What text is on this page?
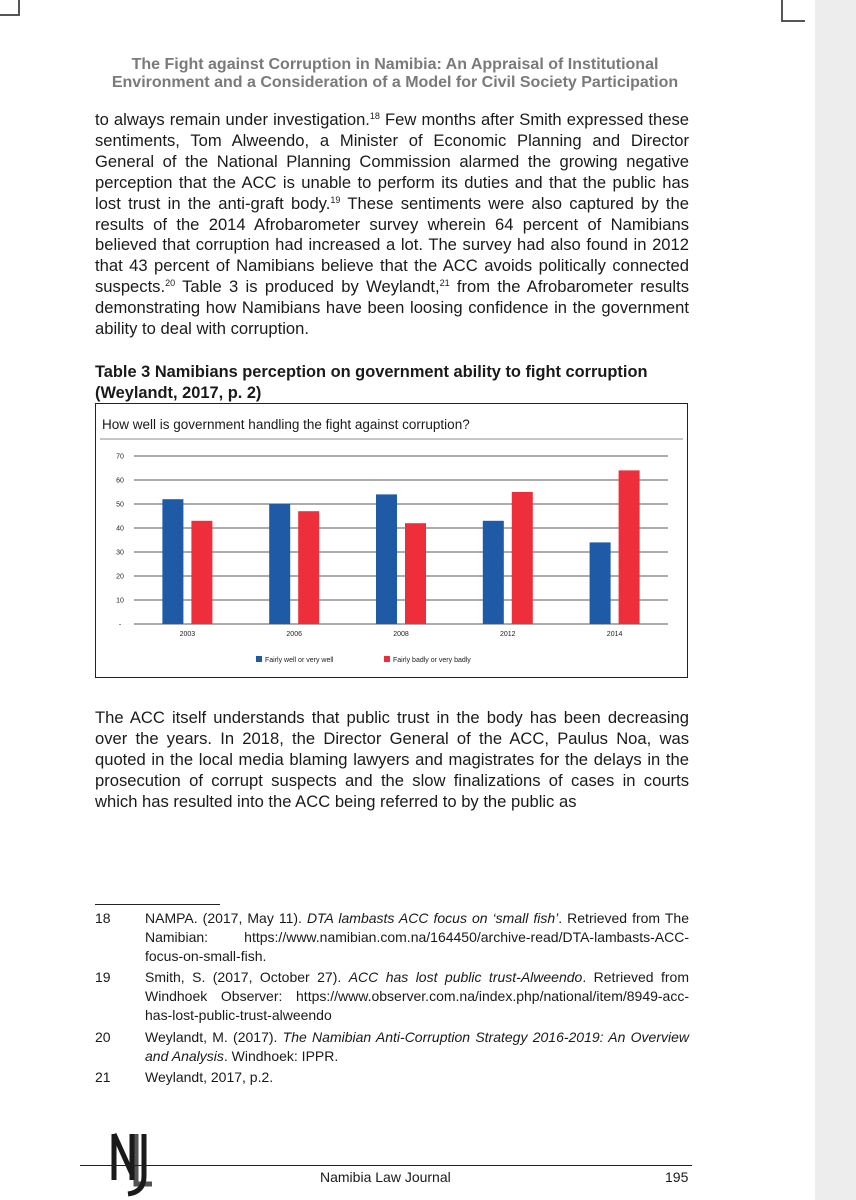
The Fight against Corruption in Namibia: An Appraisal of Institutional Environment and a Consideration of a Model for Civil Society Participation

to always remain under investigation.$^{18}$ Few months after Smith expressed these sentiments, Tom Alweendo, a Minister of Economic Planning and Director General of the National Planning Commission alarmed the growing negative perception that the ACC is unable to perform its duties and that the public has lost trust in the anti-graft body.$^{19}$ These sentiments were also captured by the results of the 2014 Afrobarometer survey wherein 64 percent of Namibians believed that corruption had increased a lot. The survey had also found in 2012 that 43 percent of Namibians believe that the ACC avoids politically connected suspects.$^{20}$ Table 3 is produced by Weylandt,$^{21}$ from the Afrobarometer results demonstrating how Namibians have been loosing confidence in the government ability to deal with corruption.

Table 3 Namibians perception on government ability to fight corruption (Weylandt, 2017, p. 2)

How well is government handling the fight against corruption?
-
10
20
30
40
50
60
70
2003	2006	2008	2012	2014
Fairly well or very well	Fairly badly or very badly

The ACC itself understands that public trust in the body has been decreasing over the years. In 2018, the Director General of the ACC, Paulus Noa, was quoted in the local media blaming lawyers and magistrates for the delays in the prosecution of corrupt suspects and the slow finalizations of cases in courts which has resulted into the ACC being referred to by the public as

18	NAMPA. (2017, May 11). DTA lambasts ACC focus on ‘small fish’. Retrieved from The Namibian: https://www.namibian.com.na/164450/archive-read/DTA-lambasts-ACC-focus-on-small-fish.
19	Smith, S. (2017, October 27). ACC has lost public trust-Alweendo. Retrieved from Windhoek Observer: https://www.observer.com.na/index.php/national/item/8949-acc-has-lost-public-trust-alweendo
20	Weylandt, M. (2017). The Namibian Anti-Corruption Strategy 2016-2019: An Overview and Analysis. Windhoek: IPPR.
21	Weylandt, 2017, p.2.
Namibia Law Journal	195
